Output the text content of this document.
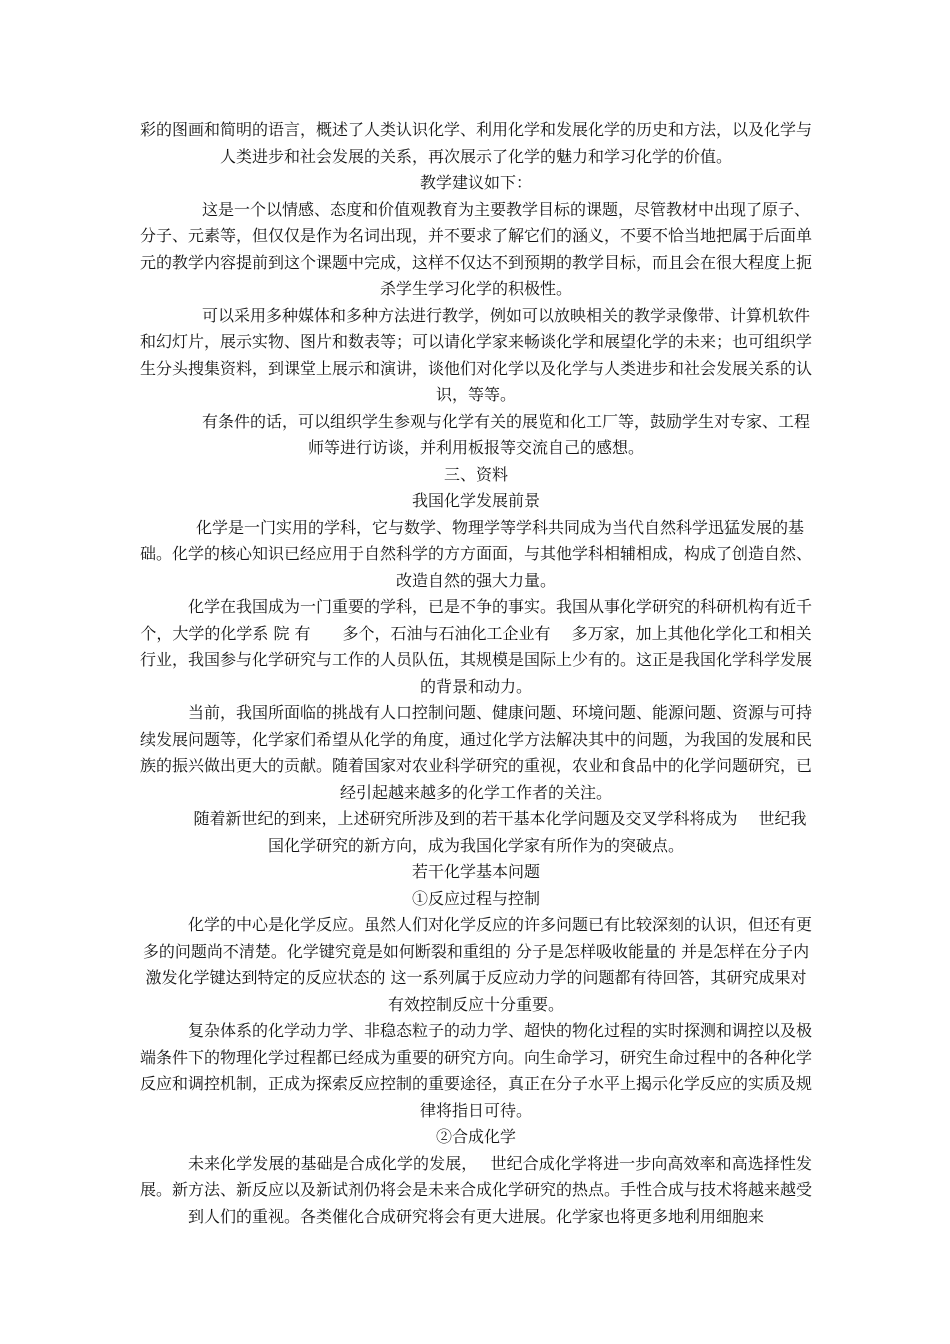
彩的图画和简明的语言，概述了人类认识化学、利用化学和发展化学的历史和方法，以及化学与人类进步和社会发展的关系，再次展示了化学的魅力和学习化学的价值。

教学建议如下：

这是一个以情感、态度和价值观教育为主要教学目标的课题，尽管教材中出现了原子、分子、元素等，但仅仅是作为名词出现，并不要求了解它们的涵义，不要不恰当地把属于后面单元的教学内容提前到这个课题中完成，这样不仅达不到预期的教学目标，而且会在很大程度上扼杀学生学习化学的积极性。

可以采用多种媒体和多种方法进行教学，例如可以放映相关的教学录像带、计算机软件和幻灯片，展示实物、图片和数表等；可以请化学家来畅谈化学和展望化学的未来；也可组织学生分头搜集资料，到课堂上展示和演讲，谈他们对化学以及化学与人类进步和社会发展关系的认识，等等。

有条件的话，可以组织学生参观与化学有关的展览和化工厂等，鼓励学生对专家、工程师等进行访谈，并利用板报等交流自己的感想。

三、资料

我国化学发展前景

化学是一门实用的学科，它与数学、物理学等学科共同成为当代自然科学迅猛发展的基础。化学的核心知识已经应用于自然科学的方方面面，与其他学科相辅相成，构成了创造自然、改造自然的强大力量。

化学在我国成为一门重要的学科，已是不争的事实。我国从事化学研究的科研机构有近千个，大学的化学系 院 有　　多个，石油与石油化工企业有　 多万家，加上其他化学化工和相关行业，我国参与化学研究与工作的人员队伍，其规模是国际上少有的。这正是我国化学科学发展的背景和动力。

当前，我国所面临的挑战有人口控制问题、健康问题、环境问题、能源问题、资源与可持续发展问题等，化学家们希望从化学的角度，通过化学方法解决其中的问题，为我国的发展和民族的振兴做出更大的贡献。随着国家对农业科学研究的重视，农业和食品中的化学问题研究，已经引起越来越多的化学工作者的关注。

随着新世纪的到来，上述研究所涉及到的若干基本化学问题及交叉学科将成为　 世纪我国化学研究的新方向，成为我国化学家有所作为的突破点。

若干化学基本问题

①反应过程与控制

化学的中心是化学反应。虽然人们对化学反应的许多问题已有比较深刻的认识，但还有更多的问题尚不清楚。化学键究竟是如何断裂和重组的 分子是怎样吸收能量的 并是怎样在分子内激发化学键达到特定的反应状态的 这一系列属于反应动力学的问题都有待回答，其研究成果对有效控制反应十分重要。

复杂体系的化学动力学、非稳态粒子的动力学、超快的物化过程的实时探测和调控以及极端条件下的物理化学过程都已经成为重要的研究方向。向生命学习，研究生命过程中的各种化学反应和调控机制，正成为探索反应控制的重要途径，真正在分子水平上揭示化学反应的实质及规律将指日可待。

②合成化学

未来化学发展的基础是合成化学的发展，　 世纪合成化学将进一步向高效率和高选择性发展。新方法、新反应以及新试剂仍将会是未来合成化学研究的热点。手性合成与技术将越来越受到人们的重视。各类催化合成研究将会有更大进展。化学家也将更多地利用细胞来
